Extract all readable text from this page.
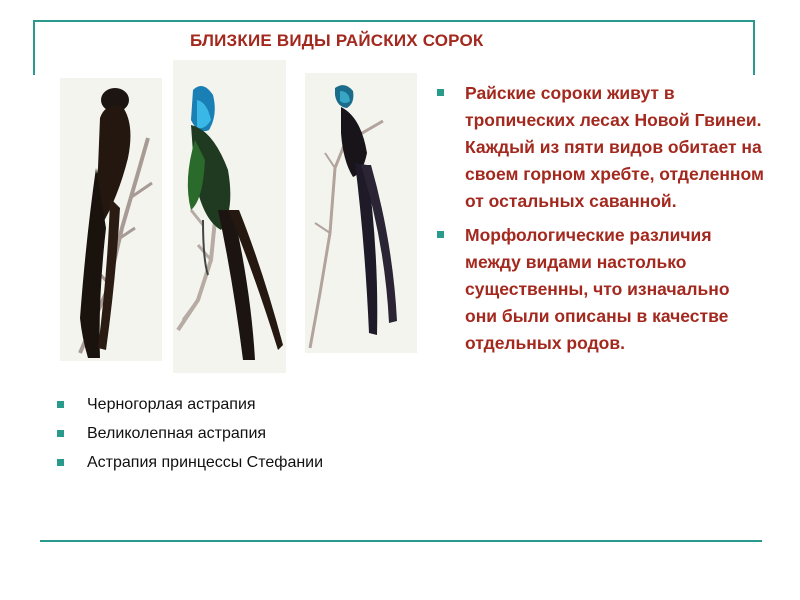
БЛИЗКИЕ ВИДЫ РАЙСКИХ СОРОК
Черногорлая астрапия
Великолепная астрапия
Астрапия принцессы Стефании
Райские сороки живут в тропических лесах Новой Гвинеи. Каждый из пяти видов обитает на своем горном хребте, отделенном от остальных саванной.
Морфологические различия между видами настолько существенны, что изначально они были описаны в качестве отдельных родов.
